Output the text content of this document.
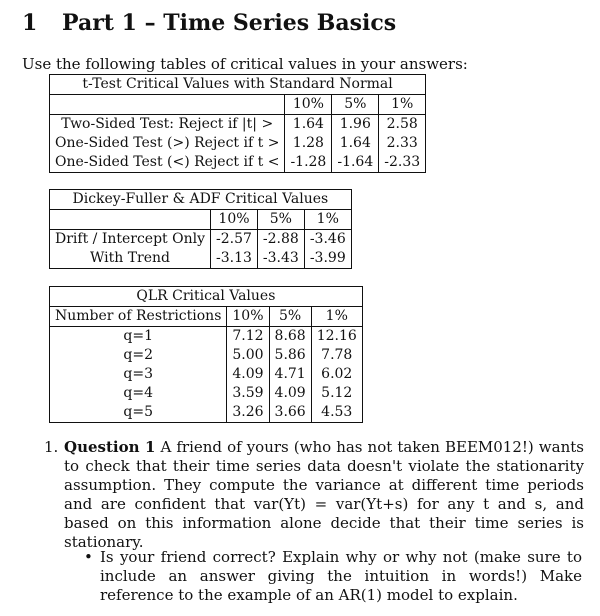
1 Part 1 – Time Series Basics
Use the following tables of critical values in your answers:
t-Test Critical Values with Standard Normal			
	10%	5%	1%
Two-Sided Test: Reject if |t| >	1.64	1.96	2.58
One-Sided Test (>) Reject if t >	1.28	1.64	2.33
One-Sided Test (<) Reject if t <	-1.28	-1.64	-2.33
Dickey-Fuller & ADF Critical Values			
	10%	5%	1%
Drift / Intercept Only	-2.57	-2.88	-3.46
With Trend	-3.13	-3.43	-3.99
QLR Critical Values			
Number of Restrictions	10%	5%	1%
q=1	7.12	8.68	12.16
q=2	5.00	5.86	7.78
q=3	4.09	4.71	6.02
q=4	3.59	4.09	5.12
q=5	3.26	3.66	4.53
1. Question 1 A friend of yours (who has not taken BEEM012!) wants to check that their time series data doesn't violate the stationarity assumption. They compute the variance at different time periods and are confident that var(Yt) = var(Yt+s) for any t and s, and based on this information alone decide that their time series is stationary.
• Is your friend correct? Explain why or why not (make sure to include an answer giving the intuition in words!) Make reference to the example of an AR(1) model to explain.
